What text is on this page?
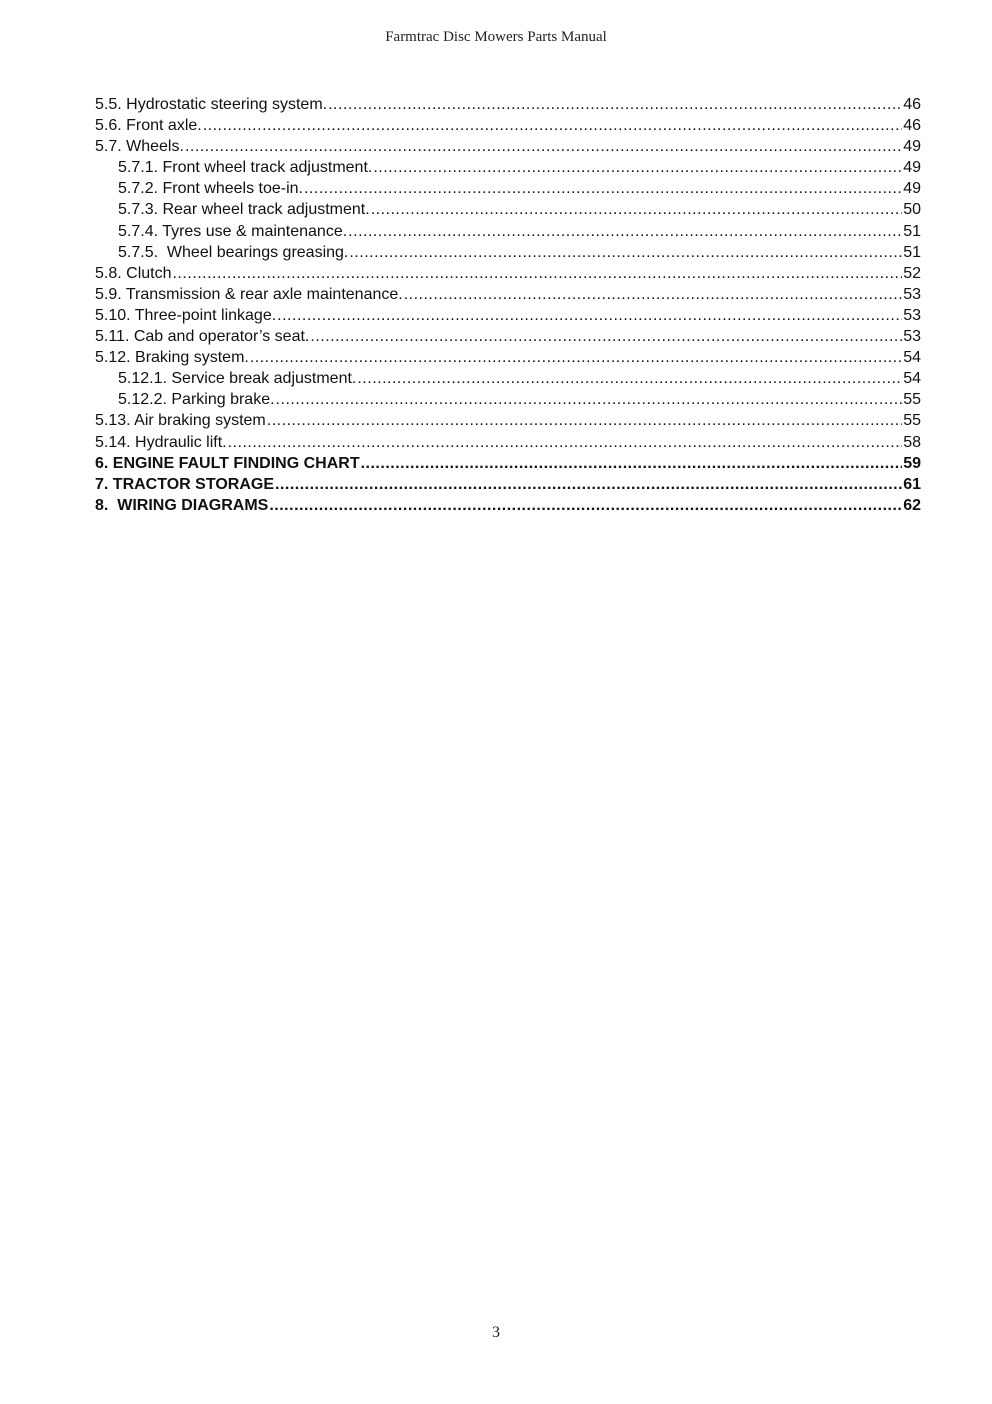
Farmtrac Disc Mowers Parts Manual
5.5. Hydrostatic steering system. .....	46
5.6. Front axle. .....	46
5.7. Wheels. .....	49
5.7.1. Front wheel track adjustment. .....	49
5.7.2. Front wheels toe-in. .....	49
5.7.3. Rear wheel track adjustment. .....	50
5.7.4. Tyres use & maintenance. .....	51
5.7.5.  Wheel bearings greasing. .....	51
5.8. Clutch .....	52
5.9. Transmission & rear axle maintenance. .....	53
5.10. Three-point linkage. .....	53
5.11. Cab and operator’s seat. .....	53
5.12. Braking system. .....	54
5.12.1. Service break adjustment. .....	54
5.12.2. Parking brake. .....	55
5.13. Air braking system .....	55
5.14. Hydraulic lift. .....	58
6. ENGINE FAULT FINDING CHART .....	59
7. TRACTOR STORAGE .....	61
8.  WIRING DIAGRAMS .....	62
3
